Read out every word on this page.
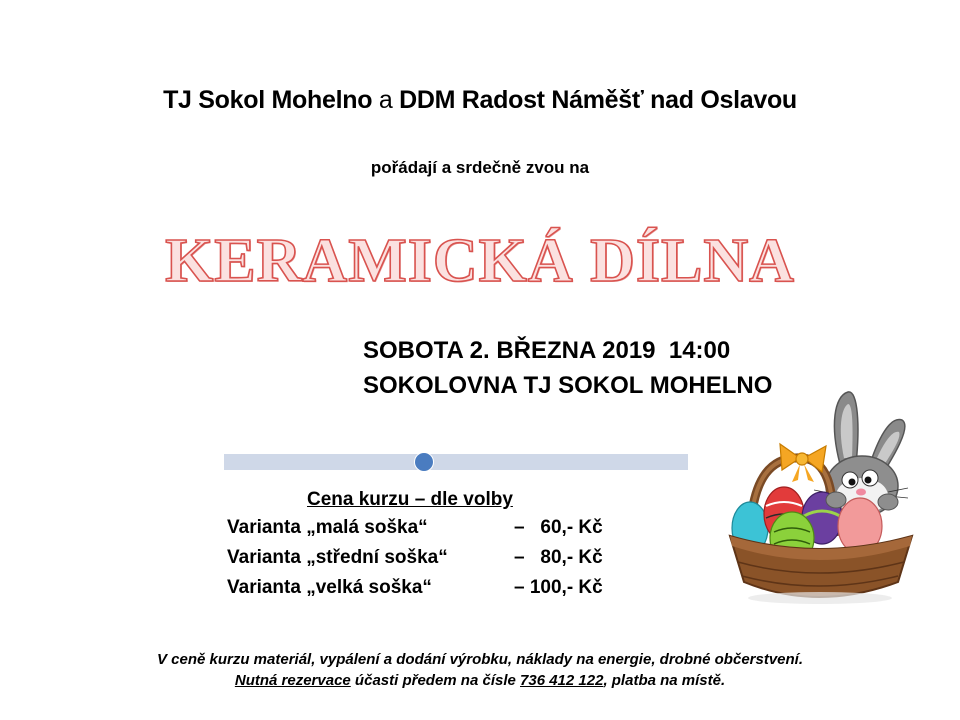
TJ Sokol Mohelno a DDM Radost Náměšť nad Oslavou
pořádají a srdečně zvou na
KERAMICKÁ DÍLNA
SOBOTA 2. BŘEZNA 2019  14:00
SOKOLOVNA TJ SOKOL MOHELNO
Cena kurzu – dle volby
Varianta „malá soška“	–   60,- Kč
Varianta „střední soška“	–   80,- Kč
Varianta „velká soška“	– 100,- Kč
V ceně kurzu materiál, vypálení a dodání výrobku, náklady na energie, drobné občerstvení.
Nutná rezervace účasti předem na čísle 736 412 122, platba na místě.
